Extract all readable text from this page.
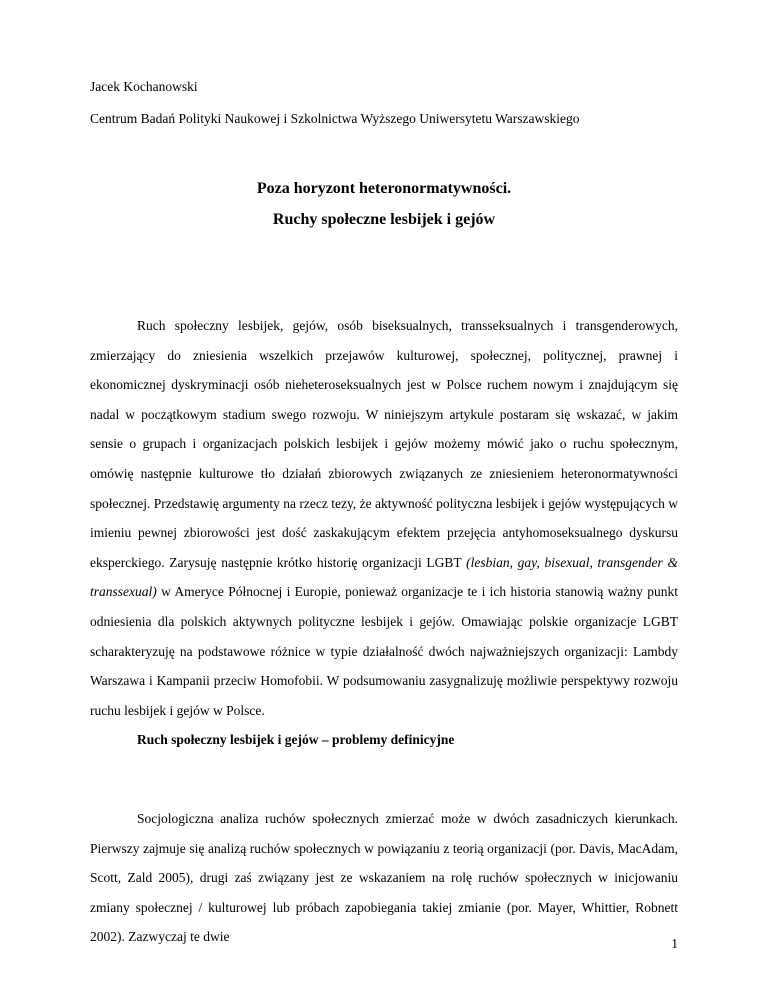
Jacek Kochanowski
Centrum Badań Polityki Naukowej i Szkolnictwa Wyższego Uniwersytetu Warszawskiego
Poza horyzont heteronormatywności.
Ruchy społeczne lesbijek i gejów

Ruch społeczny lesbijek, gejów, osób biseksualnych, transseksualnych i transgenderowych, zmierzający do zniesienia wszelkich przejawów kulturowej, społecznej, politycznej, prawnej i ekonomicznej dyskryminacji osób nieheteroseksualnych jest w Polsce ruchem nowym i znajdującym się nadal w początkowym stadium swego rozwoju. W niniejszym artykule postaram się wskazać, w jakim sensie o grupach i organizacjach polskich lesbijek i gejów możemy mówić jako o ruchu społecznym, omówię następnie kulturowe tło działań zbiorowych związanych ze zniesieniem heteronormatywności społecznej. Przedstawię argumenty na rzecz tezy, że aktywność polityczna lesbijek i gejów występujących w imieniu pewnej zbiorowości jest dość zaskakującym efektem przejęcia antyhomoseksualnego dyskursu eksperckiego. Zarysuję następnie krótko historię organizacji LGBT (lesbian, gay, bisexual, transgender & transsexual) w Ameryce Północnej i Europie, ponieważ organizacje te i ich historia stanowią ważny punkt odniesienia dla polskich aktywnych polityczne lesbijek i gejów. Omawiając polskie organizacje LGBT scharakteryzuję na podstawowe różnice w typie działalność dwóch najważniejszych organizacji: Lambdy Warszawa i Kampanii przeciw Homofobii. W podsumowaniu zasygnalizuję możliwie perspektywy rozwoju ruchu lesbijek i gejów w Polsce.

Ruch społeczny lesbijek i gejów – problemy definicyjne

Socjologiczna analiza ruchów społecznych zmierzać może w dwóch zasadniczych kierunkach. Pierwszy zajmuje się analizą ruchów społecznych w powiązaniu z teorią organizacji (por. Davis, MacAdam, Scott, Zald 2005), drugi zaś związany jest ze wskazaniem na rolę ruchów społecznych w inicjowaniu zmiany społecznej / kulturowej lub próbach zapobiegania takiej zmianie (por. Mayer, Whittier, Robnett 2002). Zazwyczaj te dwie	1
